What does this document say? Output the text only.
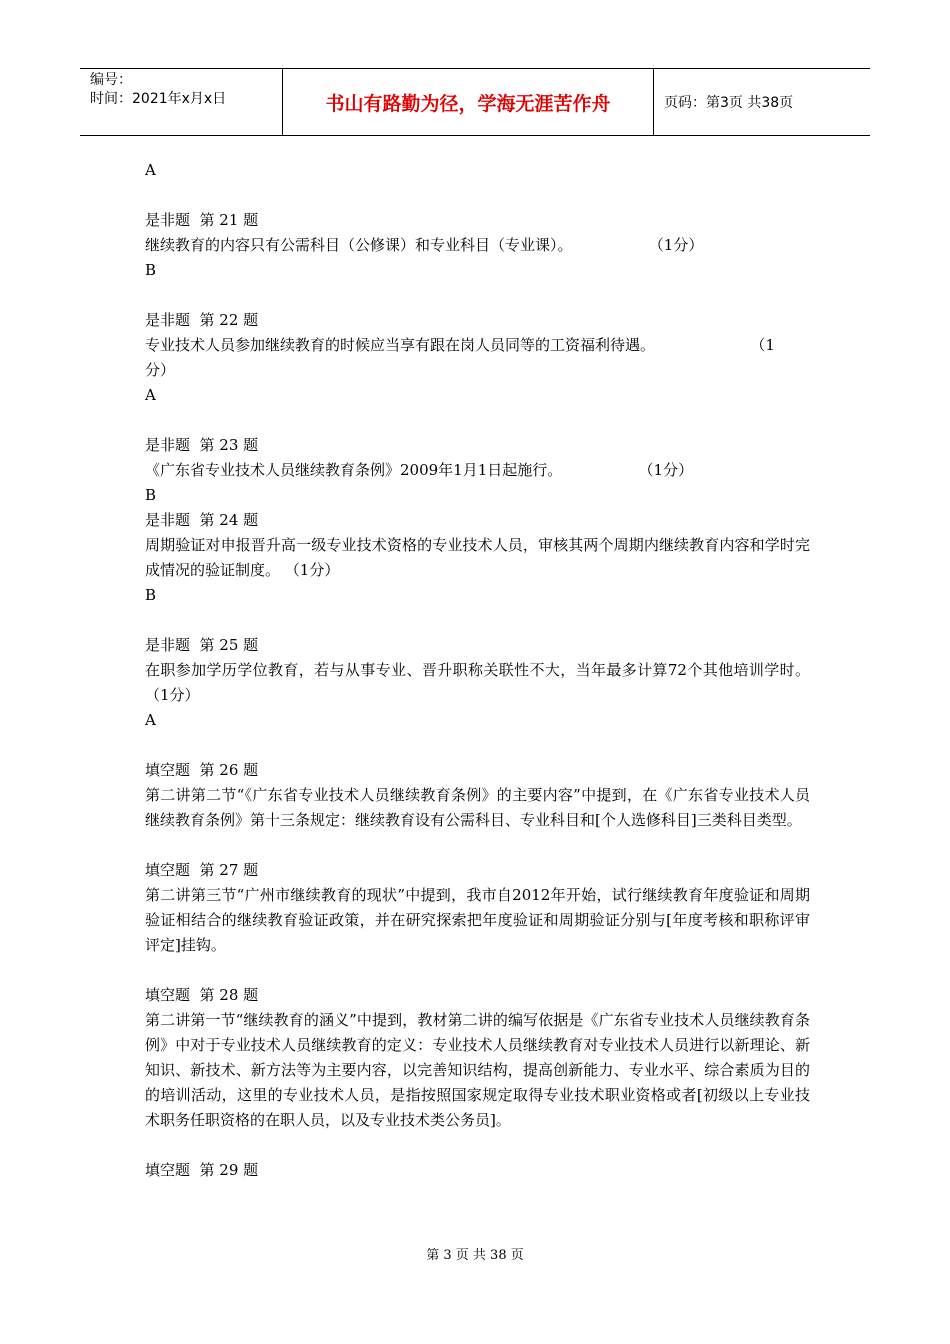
编号：
时间：2021年x月x日	书山有路勤为径，学海无涯苦作舟	页码：第3页 共38页
A
是非题  第 21 题
继续教育的内容只有公需科目（公修课）和专业科目（专业课）。                （1分）
B
是非题  第 22 题
专业技术人员参加继续教育的时候应当享有跟在岗人员同等的工资福利待遇。                    （1
分）
A
是非题  第 23 题
《广东省专业技术人员继续教育条例》2009年1月1日起施行。                （1分）
B
是非题  第 24 题
周期验证对申报晋升高一级专业技术资格的专业技术人员，审核其两个周期内继续教育内容和学时完成情况的验证制度。 （1分）
B
是非题  第 25 题
在职参加学历学位教育，若与从事专业、晋升职称关联性不大，当年最多计算72个其他培训学时。 （1分）
A
填空题  第 26 题
第二讲第二节“《广东省专业技术人员继续教育条例》的主要内容”中提到，在《广东省专业技术人员继续教育条例》第十三条规定：继续教育设有公需科目、专业科目和[个人选修科目]三类科目类型。
填空题  第 27 题
第二讲第三节“广州市继续教育的现状”中提到，我市自2012年开始，试行继续教育年度验证和周期验证相结合的继续教育验证政策，并在研究探索把年度验证和周期验证分别与[年度考核和职称评审评定]挂钩。
填空题  第 28 题
第二讲第一节“继续教育的涵义”中提到，教材第二讲的编写依据是《广东省专业技术人员继续教育条例》中对于专业技术人员继续教育的定义：专业技术人员继续教育对专业技术人员进行以新理论、新知识、新技术、新方法等为主要内容，以完善知识结构，提高创新能力、专业水平、综合素质为目的的培训活动，这里的专业技术人员，是指按照国家规定取得专业技术职业资格或者[初级以上专业技术职务任职资格的在职人员，以及专业技术类公务员]。
填空题  第 29 题
第 3 页 共 38 页
